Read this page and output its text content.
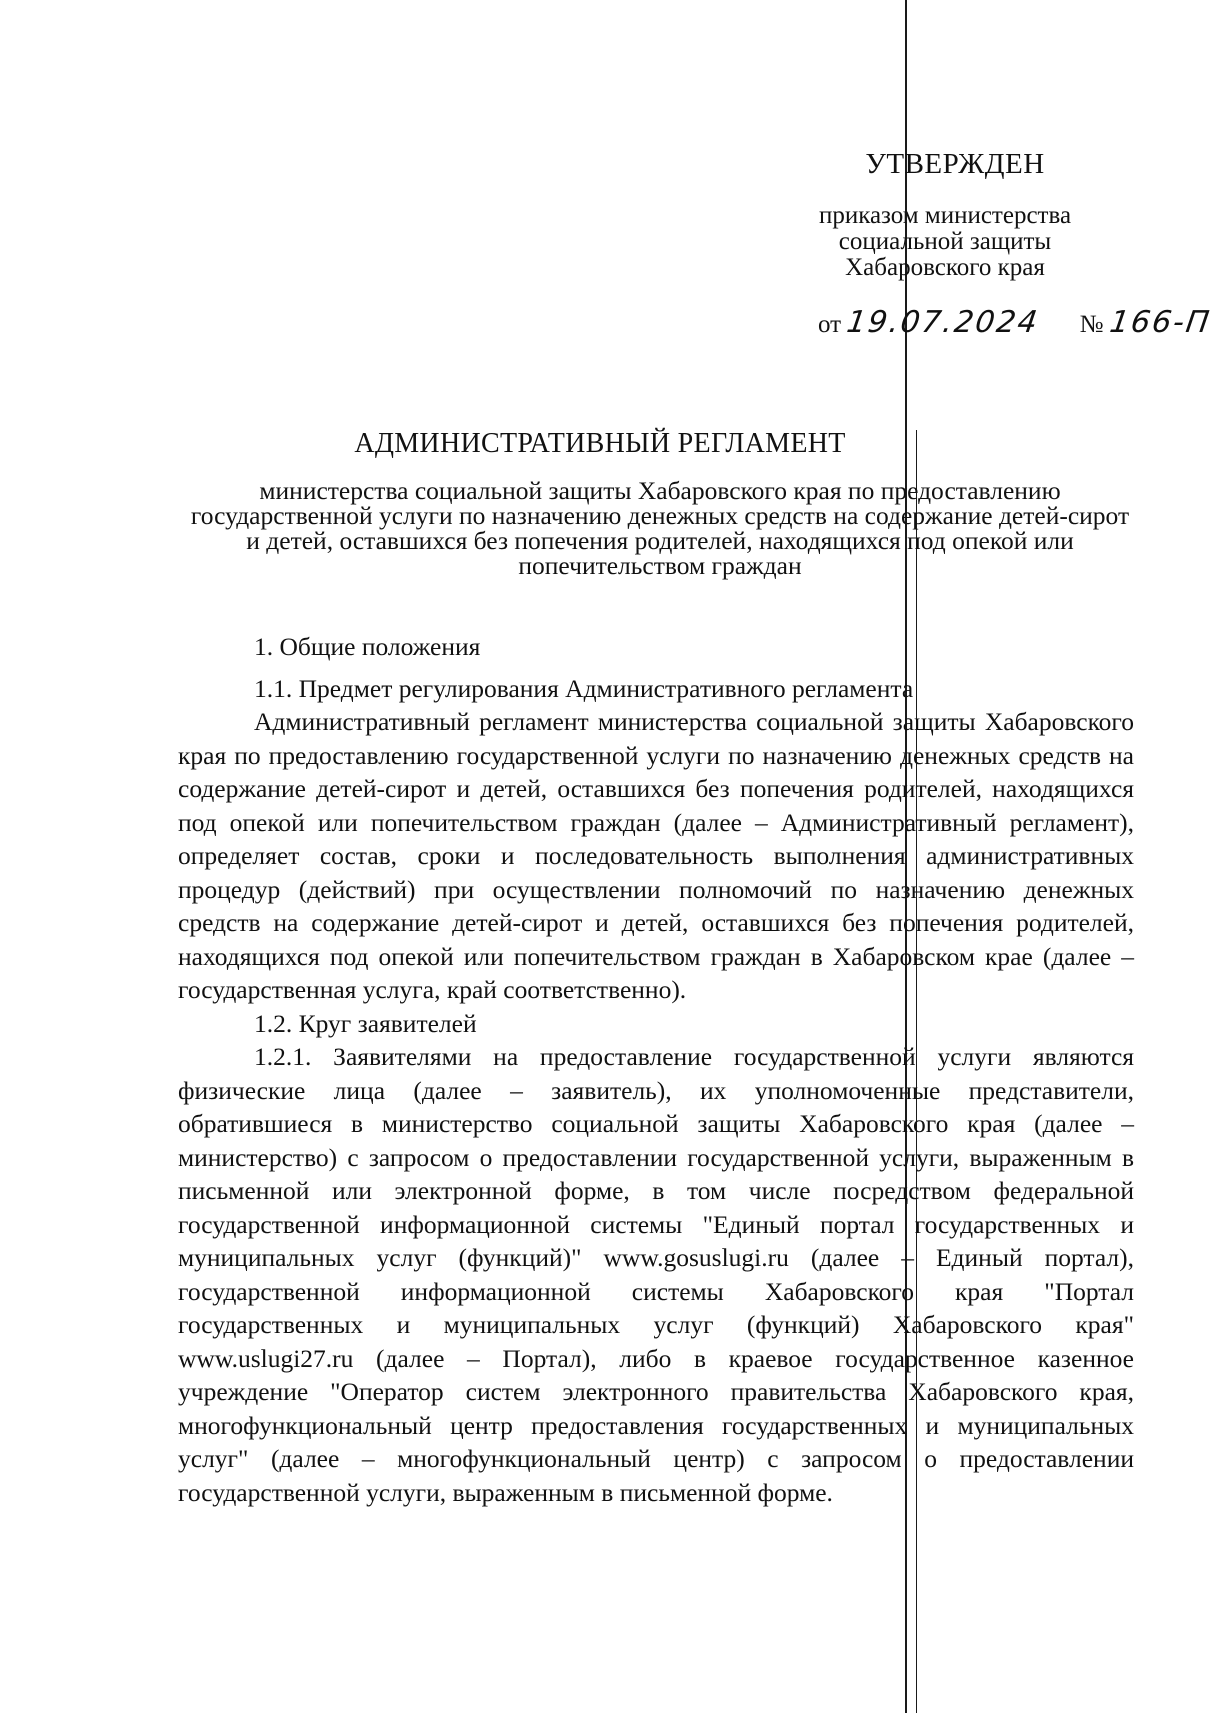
УТВЕРЖДЕН
приказом министерства
социальной защиты
Хабаровского края
от 19.07.2024 № 166-П
АДМИНИСТРАТИВНЫЙ РЕГЛАМЕНТ
министерства социальной защиты Хабаровского края по предоставлению государственной услуги по назначению денежных средств на содержание детей-сирот и детей, оставшихся без попечения родителей, находящихся под опекой или попечительством граждан

1. Общие положения

1.1. Предмет регулирования Административного регламента

Административный регламент министерства социальной защиты Хабаровского края по предоставлению государственной услуги по назначению денежных средств на содержание детей-сирот и детей, оставшихся без попечения родителей, находящихся под опекой или попечительством граждан (далее – Административный регламент), определяет состав, сроки и последовательность выполнения административных процедур (действий) при осуществлении полномочий по назначению денежных средств на содержание детей-сирот и детей, оставшихся без попечения родителей, находящихся под опекой или попечительством граждан в Хабаровском крае (далее – государственная услуга, край соответственно).

1.2. Круг заявителей

1.2.1. Заявителями на предоставление государственной услуги являются физические лица (далее – заявитель), их уполномоченные представители, обратившиеся в министерство социальной защиты Хабаровского края (далее – министерство) с запросом о предоставлении государственной услуги, выраженным в письменной или электронной форме, в том числе посредством федеральной государственной информационной системы "Единый портал государственных и муниципальных услуг (функций)" www.gosuslugi.ru (далее – Единый портал), государственной информационной системы Хабаровского края "Портал государственных и муниципальных услуг (функций) Хабаровского края" www.uslugi27.ru (далее – Портал), либо в краевое государственное казенное учреждение "Оператор систем электронного правительства Хабаровского края, многофункциональный центр предоставления государственных и муниципальных услуг" (далее – многофункциональный центр) с запросом о предоставлении государственной услуги, выраженным в письменной форме.
